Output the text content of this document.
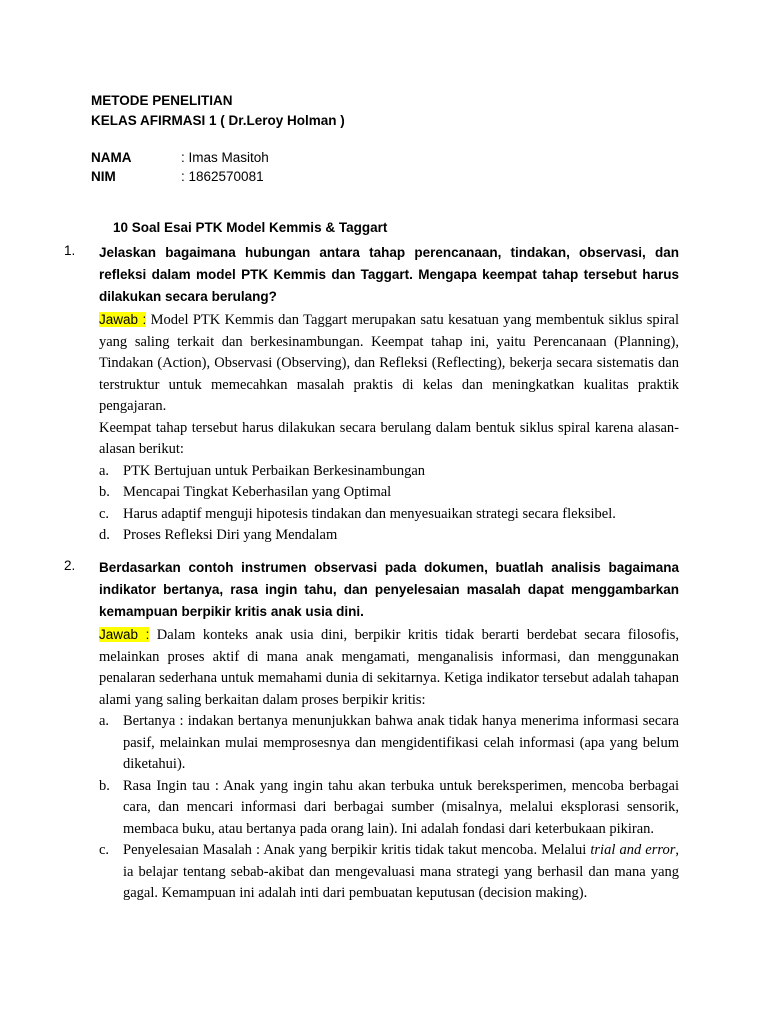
METODE PENELITIAN
KELAS AFIRMASI 1 ( Dr.Leroy Holman )
NAMA	: Imas Masitoh
NIM	: 1862570081
10 Soal Esai PTK Model Kemmis & Taggart
1. Jelaskan bagaimana hubungan antara tahap perencanaan, tindakan, observasi, dan refleksi dalam model PTK Kemmis dan Taggart. Mengapa keempat tahap tersebut harus dilakukan secara berulang?
Jawab : Model PTK Kemmis dan Taggart merupakan satu kesatuan yang membentuk siklus spiral yang saling terkait dan berkesinambungan. Keempat tahap ini, yaitu Perencanaan (Planning), Tindakan (Action), Observasi (Observing), dan Refleksi (Reflecting), bekerja secara sistematis dan terstruktur untuk memecahkan masalah praktis di kelas dan meningkatkan kualitas praktik pengajaran.
Keempat tahap tersebut harus dilakukan secara berulang dalam bentuk siklus spiral karena alasan-alasan berikut:
a. PTK Bertujuan untuk Perbaikan Berkesinambungan
b. Mencapai Tingkat Keberhasilan yang Optimal
c. Harus adaptif menguji hipotesis tindakan dan menyesuaikan strategi secara fleksibel.
d. Proses Refleksi Diri yang Mendalam
2. Berdasarkan contoh instrumen observasi pada dokumen, buatlah analisis bagaimana indikator bertanya, rasa ingin tahu, dan penyelesaian masalah dapat menggambarkan kemampuan berpikir kritis anak usia dini.
Jawab : Dalam konteks anak usia dini, berpikir kritis tidak berarti berdebat secara filosofis, melainkan proses aktif di mana anak mengamati, menganalisis informasi, dan menggunakan penalaran sederhana untuk memahami dunia di sekitarnya. Ketiga indikator tersebut adalah tahapan alami yang saling berkaitan dalam proses berpikir kritis:
a. Bertanya : indakan bertanya menunjukkan bahwa anak tidak hanya menerima informasi secara pasif, melainkan mulai memprosesnya dan mengidentifikasi celah informasi (apa yang belum diketahui).
b. Rasa Ingin tau : Anak yang ingin tahu akan terbuka untuk bereksperimen, mencoba berbagai cara, dan mencari informasi dari berbagai sumber (misalnya, melalui eksplorasi sensorik, membaca buku, atau bertanya pada orang lain). Ini adalah fondasi dari keterbukaan pikiran.
c. Penyelesaian Masalah : Anak yang berpikir kritis tidak takut mencoba. Melalui trial and error, ia belajar tentang sebab-akibat dan mengevaluasi mana strategi yang berhasil dan mana yang gagal. Kemampuan ini adalah inti dari pembuatan keputusan (decision making).
